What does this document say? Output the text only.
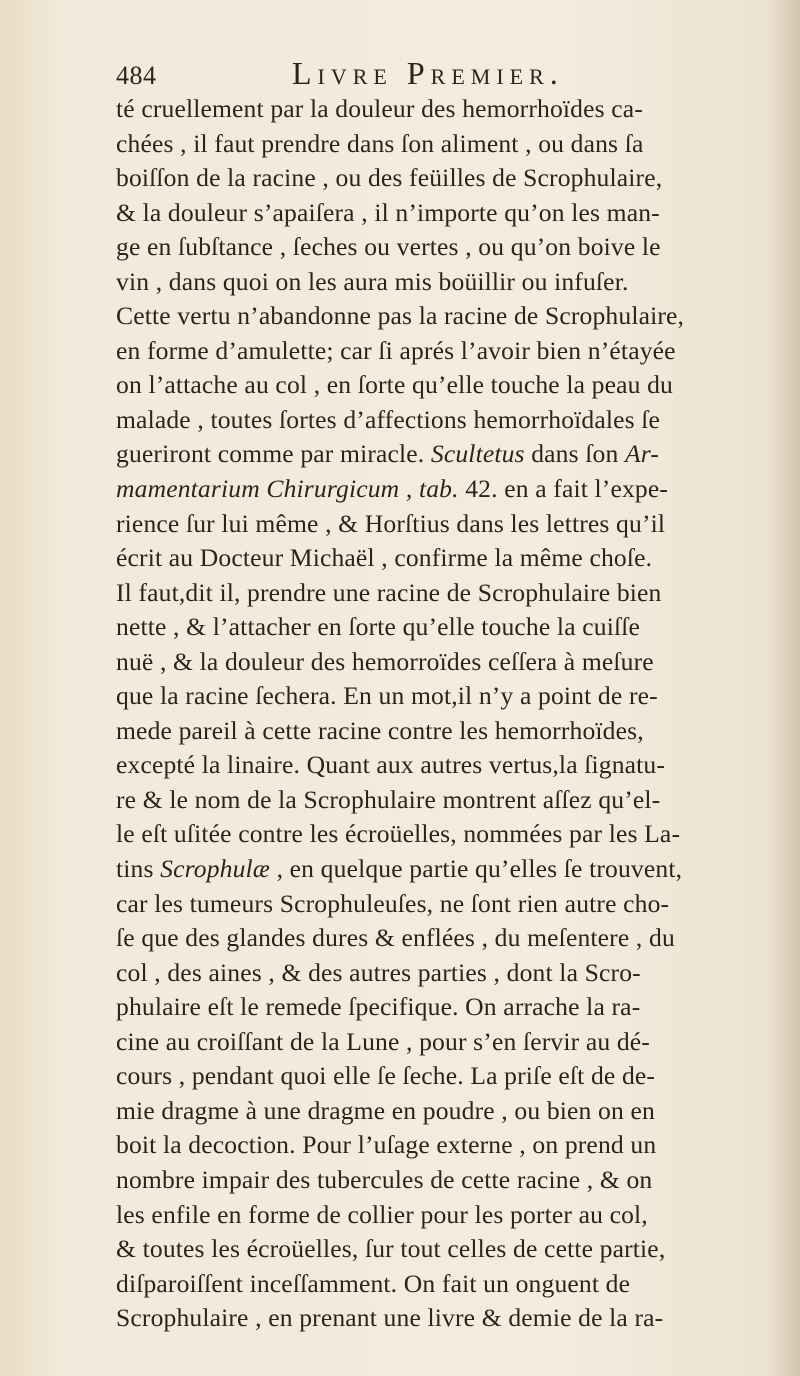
484	Livre Premier.
té cruellement par la douleur des hemorrhoïdes ca-
chées , il faut prendre dans ſon aliment , ou dans ſa
boiſſon de la racine , ou des feüilles de Scrophulaire,
& la douleur s’apaiſera , il n’importe qu’on les man-
ge en ſubſtance , ſeches ou vertes , ou qu’on boive le
vin , dans quoi on les aura mis boüillir ou infuſer.
Cette vertu n’abandonne pas la racine de Scrophulaire,
en forme d’amulette; car ſi aprés l’avoir bien n’étayée
on l’attache au col , en ſorte qu’elle touche la peau du
malade , toutes ſortes d’affections hemorrhoïdales ſe
gueriront comme par miracle. Scultetus dans ſon Ar-
mamentarium Chirurgicum , tab. 42. en a fait l’expe-
rience ſur lui même , & Horſtius dans les lettres qu’il
écrit au Docteur Michaël , confirme la même choſe.
Il faut,dit il, prendre une racine de Scrophulaire bien
nette , & l’attacher en ſorte qu’elle touche la cuiſſe
nuë , & la douleur des hemorroïdes ceſſera à meſure
que la racine ſechera. En un mot,il n’y a point de re-
mede pareil à cette racine contre les hemorrhoïdes,
excepté la linaire. Quant aux autres vertus,la ſignatu-
re & le nom de la Scrophulaire montrent aſſez qu’el-
le eſt uſitée contre les écroüelles, nommées par les La-
tins Scrophulæ , en quelque partie qu’elles ſe trouvent,
car les tumeurs Scrophuleuſes, ne ſont rien autre cho-
ſe que des glandes dures & enflées , du meſentere , du
col , des aines , & des autres parties , dont la Scro-
phulaire eſt le remede ſpecifique. On arrache la ra-
cine au croiſſant de la Lune , pour s’en ſervir au dé-
cours , pendant quoi elle ſe ſeche. La priſe eſt de de-
mie dragme à une dragme en poudre , ou bien on en
boit la decoction. Pour l’uſage externe , on prend un
nombre impair des tubercules de cette racine , & on
les enfile en forme de collier pour les porter au col,
& toutes les écroüelles, ſur tout celles de cette partie,
diſparoiſſent inceſſamment. On fait un onguent de
Scrophulaire , en prenant une livre & demie de la ra-
